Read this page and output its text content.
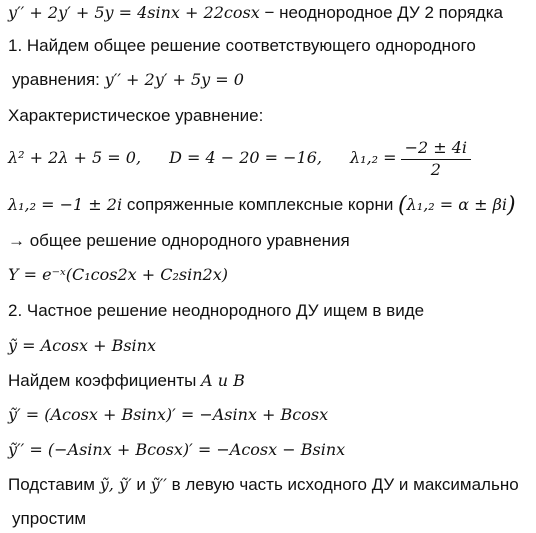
y′′ + 2y′ + 5y = 4sinx + 22cosx − неоднородное ДУ 2 порядка
1. Найдем общее решение соответствующего однородного
уравнения: y′′ + 2y′ + 5y = 0
Характеристическое уравнение:
λ² + 2λ + 5 = 0, D = 4 − 20 = −16, $\lambda_1,_2 = \frac{-2 \pm 4i}{2}$
λ₁,₂ = −1 ± 2i сопряженные комплексные корни (λ₁,₂ = α ± βi)
→ общее решение однородного уравнения
Y = e⁻ˣ(C₁cos2x + C₂sin2x)
2. Частное решение неоднородного ДУ ищем в виде
ỹ = Acosx + Bsinx
Найдем коэффициенты A и B
ỹ′ = (Acosx + Bsinx)′ = −Asinx + Bcosx
ỹ′′ = (−Asinx + Bcosx)′ = −Acosx − Bsinx
Подставим ỹ, ỹ′ и ỹ′′ в левую часть исходного ДУ и максимально
упростим
